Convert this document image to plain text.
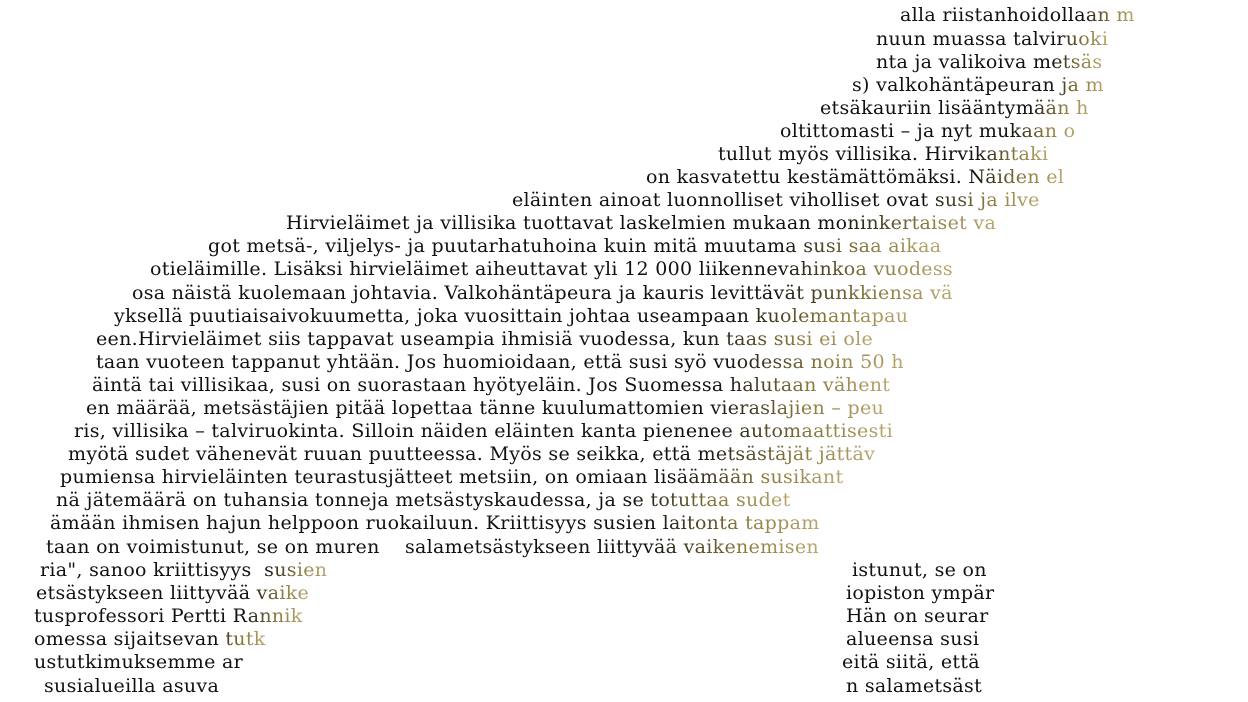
alla riistanhoidollaan m
nuun muassa talviruoki
nta ja valikoiva metsäs
s) valkohäntäpeuran ja m
etsäkauriin lisääntymään h
oltittomasti – ja nyt mukaan o
tullut myös villisika. Hirvikantaki
on kasvatettu kestämättömäksi. Näiden el
eläinten ainoat luonnolliset viholliset ovat susi ja ilve
Hirvieläimet ja villisika tuottavat laskelmien mukaan moninkertaiset va
got metsä-, viljelys- ja puutarhatuhoina kuin mitä muutama susi saa aikaa
otieläimille. Lisäksi hirvieläimet aiheuttavat yli 12 000 liikennevahinkoa vuodess
osa näistä kuolemaan johtavia. Valkohäntäpeura ja kauris levittävät punkkiensa vä
yksellä puutiaisaivokuumetta, joka vuosittain johtaa useampaan kuolemantapau
een.Hirvieläimet siis tappavat useampia ihmisiä vuodessa, kun taas susi ei ole
taan vuoteen tappanut yhtään. Jos huomioidaan, että susi syö vuodessa noin 50 h
äintä tai villisikaa, susi on suorastaan hyötyeläin. Jos Suomessa halutaan vähent
en määrää, metsästäjien pitää lopettaa tänne kuulumattomien vieraslajien – peu
ris, villisika – talviruokinta. Silloin näiden eläinten kanta pienenee automaattisesti
myötä sudet vähenevät ruuan puutteessa. Myös se seikka, että metsästäjät jättäv
pumiensa hirvieläinten teurastusjätteet metsiin, on omiaan lisäämään susikant
nä jätemäärä on tuhansia tonneja metsästyskaudessa, ja se totuttaa sudet
ämään ihmisen hajun helppoon ruokailuun. Kriittisyys susien laitonta tappam
taan on voimistunut, se on muren    salametsästykseen liittyvää vaikenemisen
ria", sanoo kriittisyys  susien
etsästykseen liittyvää vaike
tusprofessori Pertti Rannik
omessa sijaitsevan tutk
ustutkimuksemme ar
susialueilla asuva
istunut, se on
iopiston ympär
Hän on seurar
alueensa susi
eitä siitä, että
n salametsäst
